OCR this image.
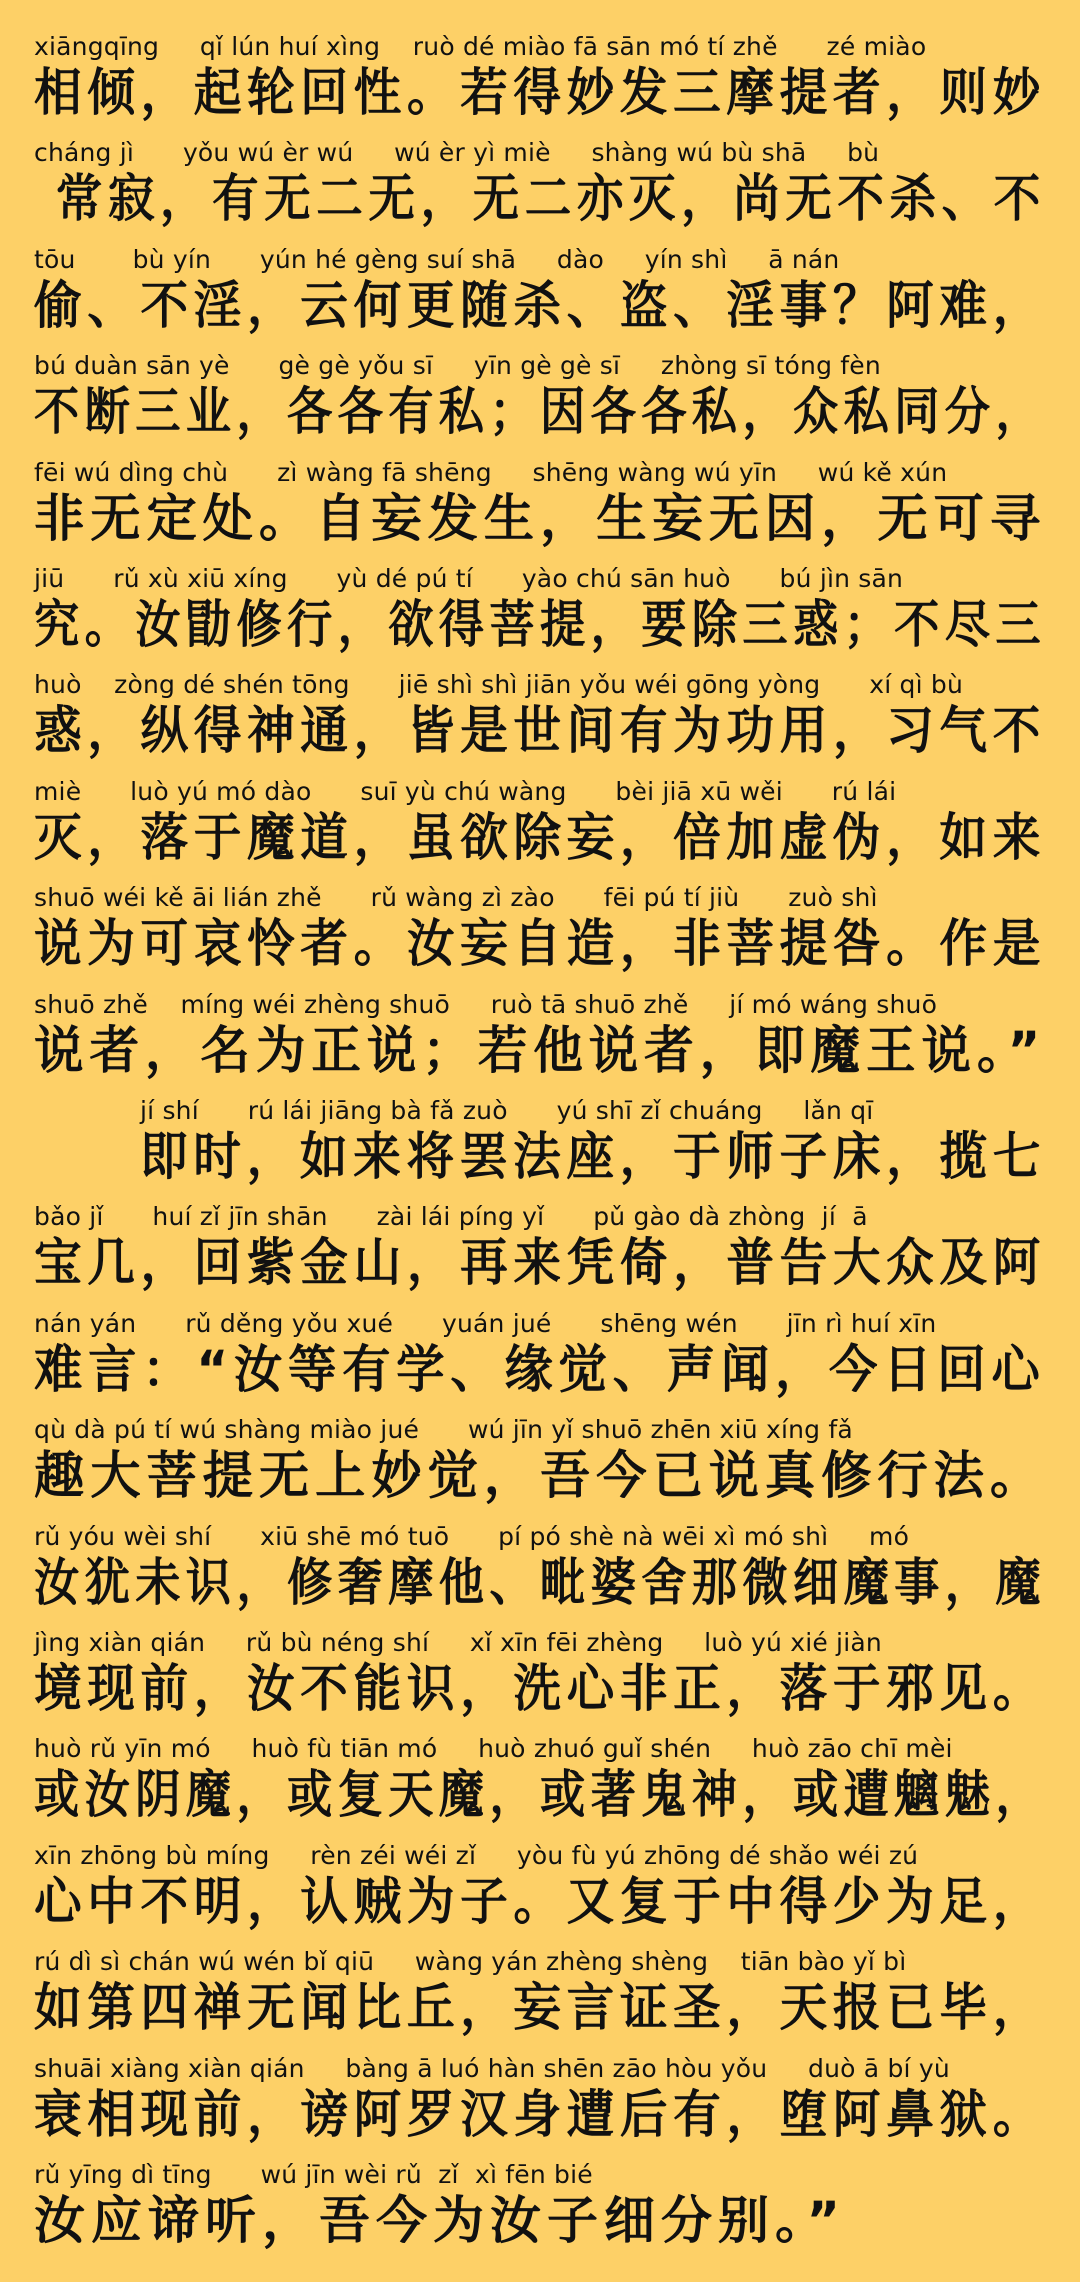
xiāngqīng     qǐ lún huí xìng    ruò dé miào fā sān mó tí zhě      zé miào
相倾，起轮回性。若得妙发三摩提者，则妙
cháng jì      yǒu wú èr wú     wú èr yì miè     shàng wú bù shā     bù
常寂，有无二无，无二亦灭，尚无不杀、不
tōu       bù yín      yún hé gèng suí shā     dào     yín shì     ā nán
偷、不淫，云何更随杀、盗、淫事？阿难，
bú duàn sān yè      gè gè yǒu sī     yīn gè gè sī     zhòng sī tóng fèn
不断三业，各各有私；因各各私，众私同分，
fēi wú dìng chù      zì wàng fā shēng     shēng wàng wú yīn     wú kě xún
非无定处。自妄发生，生妄无因，无可寻
jiū      rǔ xù xiū xíng      yù dé pú tí      yào chú sān huò      bú jìn sān
究。汝勖修行，欲得菩提，要除三惑；不尽三
huò    zòng dé shén tōng      jiē shì shì jiān yǒu wéi gōng yòng      xí qì bù
惑，纵得神通，皆是世间有为功用，习气不
miè      luò yú mó dào      suī yù chú wàng      bèi jiā xū wěi      rú lái
灭，落于魔道，虽欲除妄，倍加虚伪，如来
shuō wéi kě āi lián zhě      rǔ wàng zì zào      fēi pú tí jiù      zuò shì
说为可哀怜者。汝妄自造，非菩提咎。作是
shuō zhě    míng wéi zhèng shuō     ruò tā shuō zhě     jí mó wáng shuō
说者，名为正说；若他说者，即魔王说。”
jí shí      rú lái jiāng bà fǎ zuò      yú shī zǐ chuáng     lǎn qī
即时，如来将罢法座，于师子床，揽七
bǎo jǐ      huí zǐ jīn shān      zài lái píng yǐ      pǔ gào dà zhòng  jí  ā
宝几，回紫金山，再来凭倚，普告大众及阿
nán yán      rǔ děng yǒu xué      yuán jué      shēng wén      jīn rì huí xīn
难言：“汝等有学、缘觉、声闻，今日回心
qù dà pú tí wú shàng miào jué      wú jīn yǐ shuō zhēn xiū xíng fǎ
趣大菩提无上妙觉，吾今已说真修行法。
rǔ yóu wèi shí      xiū shē mó tuō      pí pó shè nà wēi xì mó shì     mó
汝犹未识，修奢摩他、毗婆舍那微细魔事，魔
jìng xiàn qián     rǔ bù néng shí     xǐ xīn fēi zhèng     luò yú xié jiàn
境现前，汝不能识，洗心非正，落于邪见。
huò rǔ yīn mó     huò fù tiān mó     huò zhuó guǐ shén     huò zāo chī mèi
或汝阴魔，或复天魔，或著鬼神，或遭魑魅，
xīn zhōng bù míng     rèn zéi wéi zǐ     yòu fù yú zhōng dé shǎo wéi zú
心中不明，认贼为子。又复于中得少为足，
rú dì sì chán wú wén bǐ qiū     wàng yán zhèng shèng    tiān bào yǐ bì
如第四禅无闻比丘，妄言证圣，天报已毕，
shuāi xiàng xiàn qián     bàng ā luó hàn shēn zāo hòu yǒu     duò ā bí yù
衰相现前，谤阿罗汉身遭后有，堕阿鼻狱。
rǔ yīng dì tīng      wú jīn wèi rǔ  zǐ  xì fēn bié
汝应谛听，吾今为汝子细分别。”
